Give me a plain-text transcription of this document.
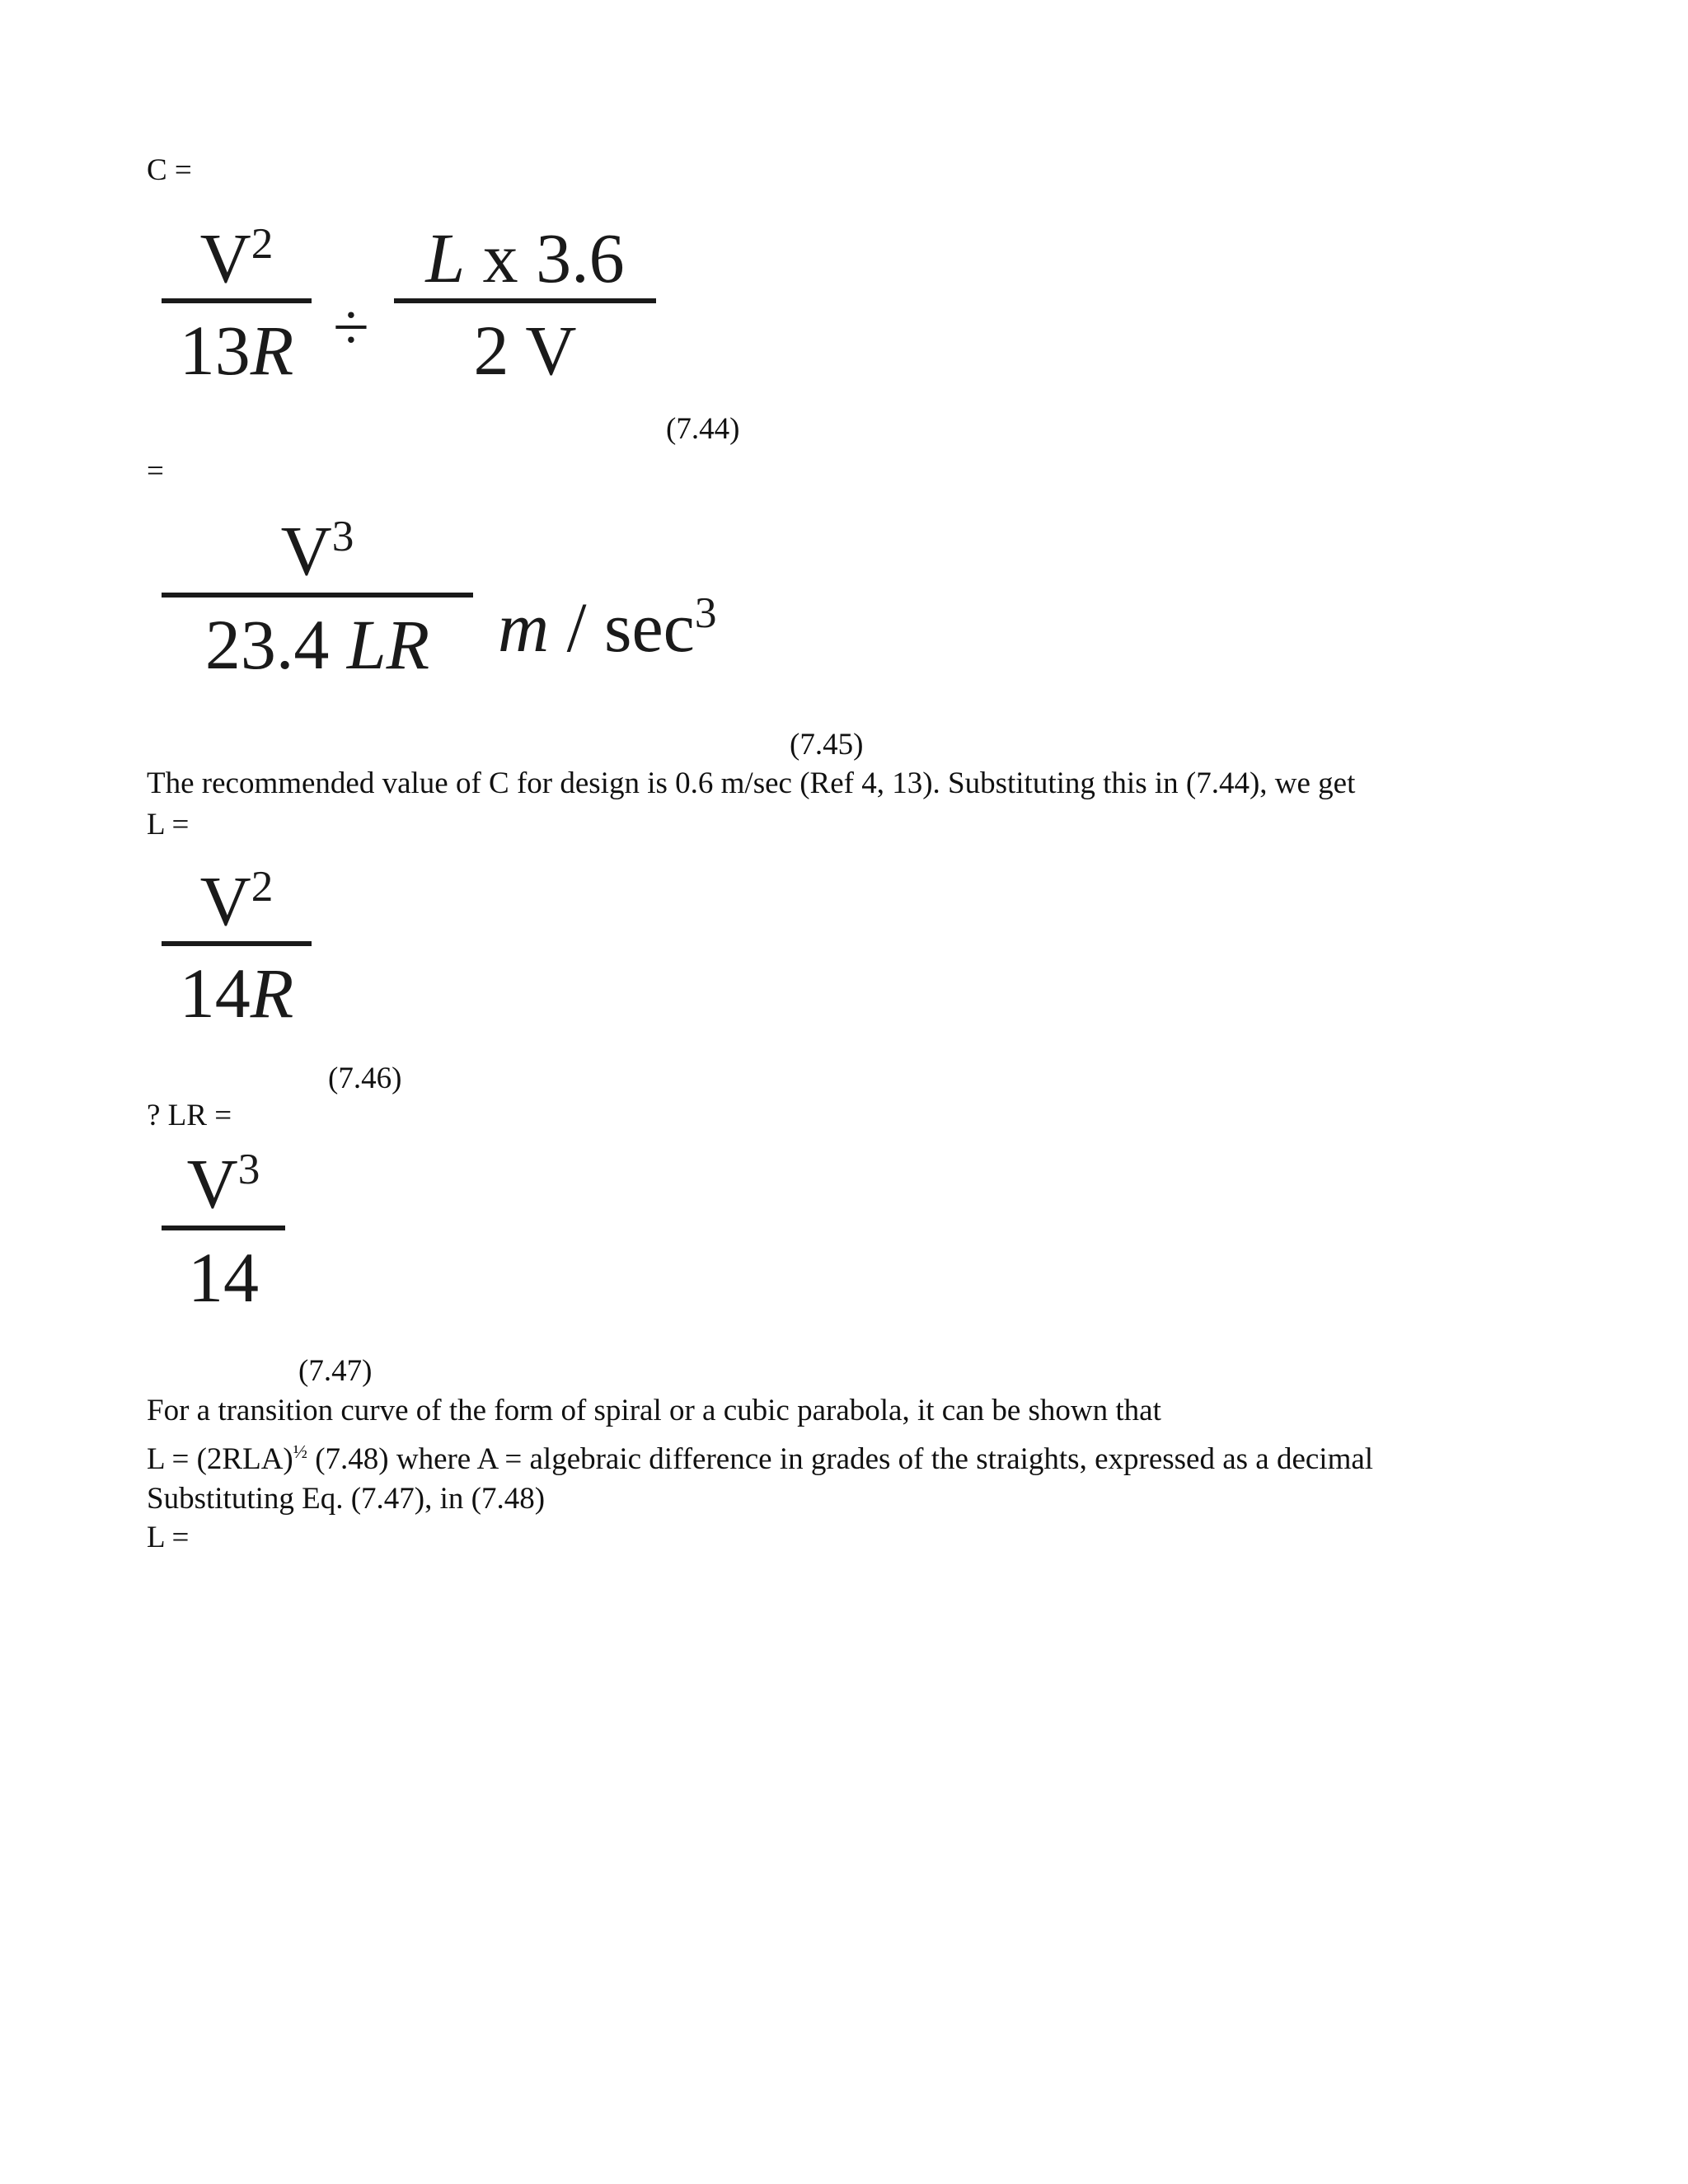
C =
=
$V^2$
13R ÷
L x 3.6
2 V
(7.44)
$V^3$
23.4 LR m / $\sec^3$
(7.45)
The recommended value of C for design is 0.6 m/sec (Ref 4, 13). Substituting this in (7.44), we get
L =
$V^2$
14R
(7.46)
? LR =
$V^3$
14
(7.47)
For a transition curve of the form of spiral or a cubic parabola, it can be shown that
$L = (2RLA)^{\frac{1}{2}}$ (7.48) where A = algebraic difference in grades of the straights, expressed as a decimal
Substituting Eq. (7.47), in (7.48)
L =
